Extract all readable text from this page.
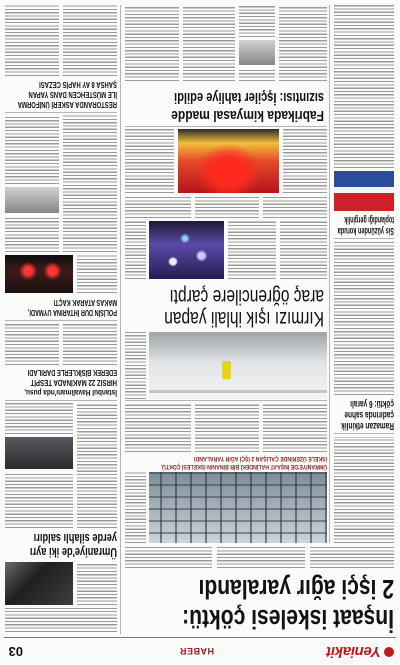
Yeniakit
HABER
03
İnşaat iskelesi çöktü:
2 işçi ağır yaralandı
Ümraniye'de iki ayrı
yerde silahlı saldırı
İstanbul Havalimanı'nda pusu,
HIRSIZ 22 MAKİNADA TESPİT
EDEREK BİSİKLERLE DARILADI
POLİSİN DUR İHTARINA UYMADI,
MAKAS ATARAK KAÇTI
RESTORANDA ASKERİ ÜNİFORMA
İLE MÜSTEHCEN DANS YAPAN
ŞAHSA 8 AY HAPİS CEZASI
ÜMRANİYE'DE İNŞAAT HALİNDEKİ BİR BİNANIN İSKELESİ ÇÖKTÜ.
İSKELE ÜZERİNDE ÇALIŞAN 2 İŞÇİ AĞIR YARALANDI
Ramazan etkinlik
çadırında sahne
çöktü: 6 yaralı
Sis yüzünden koruda
toplandığı gerginlik
Kırmızı ışık ihlali yapan
araç öğrencilere çarptı
Fabrikada kimyasal madde
sızıntısı: İşçiler tahliye edildi
